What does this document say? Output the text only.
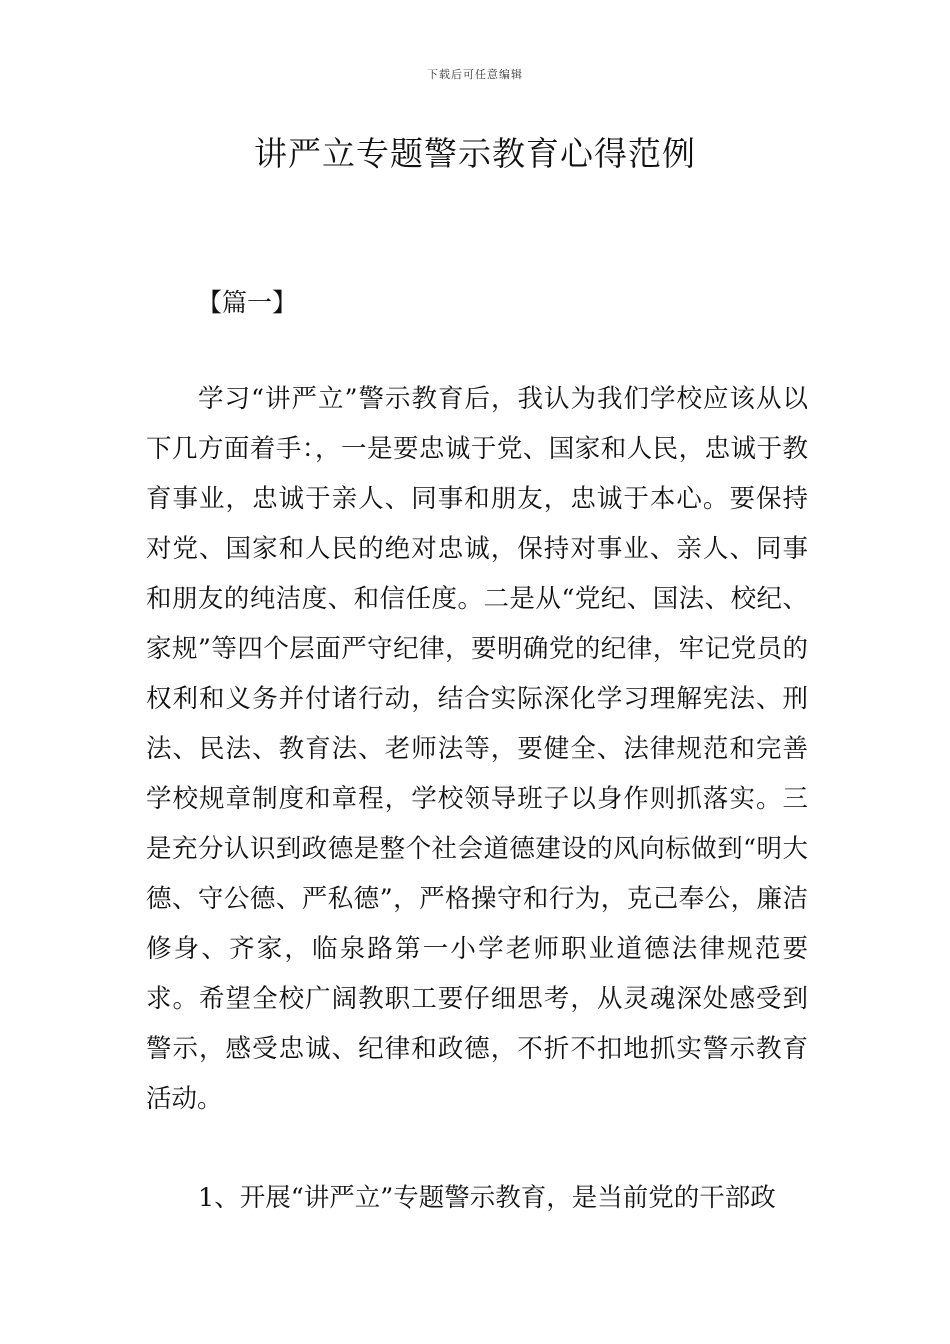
下载后可任意编辑
讲严立专题警示教育心得范例
【篇一】

学习“讲严立”警示教育后，我认为我们学校应该从以下几方面着手：，一是要忠诚于党、国家和人民，忠诚于教育事业，忠诚于亲人、同事和朋友，忠诚于本心。要保持对党、国家和人民的绝对忠诚，保持对事业、亲人、同事和朋友的纯洁度、和信任度。二是从“党纪、国法、校纪、家规”等四个层面严守纪律，要明确党的纪律，牢记党员的权利和义务并付诸行动，结合实际深化学习理解宪法、刑法、民法、教育法、老师法等，要健全、法律规范和完善学校规章制度和章程，学校领导班子以身作则抓落实。三是充分认识到政德是整个社会道德建设的风向标做到“明大德、守公德、严私德”，严格操守和行为，克己奉公，廉洁修身、齐家，临泉路第一小学老师职业道德法律规范要求。希望全校广阔教职工要仔细思考，从灵魂深处感受到警示，感受忠诚、纪律和政德，不折不扣地抓实警示教育活动。

1、开展“讲严立”专题警示教育，是当前党的干部政
